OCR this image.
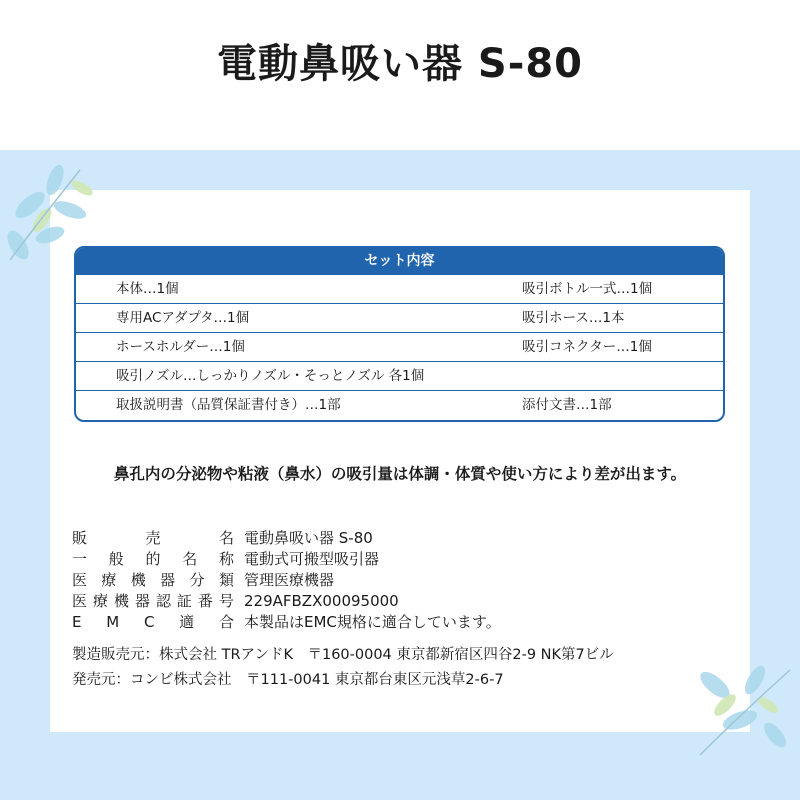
電動鼻吸い器 S-80
セット内容
本体…1個	吸引ボトル一式…1個
専用ACアダプタ…1個	吸引ホース…1本
ホースホルダー…1個	吸引コネクター…1個
吸引ノズル…しっかりノズル・そっとノズル 各1個
取扱説明書（品質保証書付き）…1部	添付文書…1部
鼻孔内の分泌物や粘液（鼻水）の吸引量は体調・体質や使い方により差が出ます。
販	売	名 電動鼻吸い器 S-80
一 般 的 名 称 電動式可搬型吸引器
医 療 機 器 分 類 管理医療機器
医 療 機 器 認 証 番 号 229AFBZX00095000
E M C 適 合 本製品はEMC規格に適合しています。
製造販売元：株式会社 TRアンドK　〒160-0004 東京都新宿区四谷2-9 NK第7ビル
発売元：コンビ株式会社　〒111-0041 東京都台東区元浅草2-6-7
